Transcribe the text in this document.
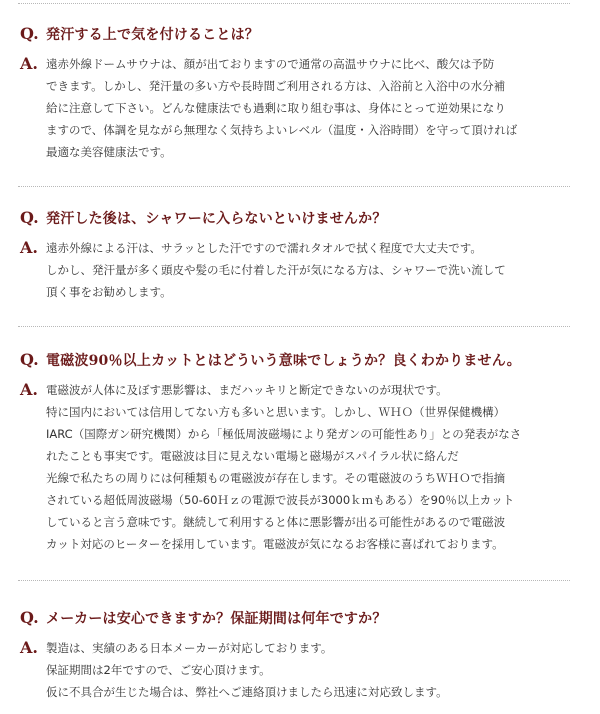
Q. 発汗する上で気を付けることは？
A. 遠赤外線ドームサウナは、顔が出ておりますので通常の高温サウナに比べ、酸欠は予防
できます。しかし、発汗量の多い方や長時間ご利用される方は、入浴前と入浴中の水分補
給に注意して下さい。どんな健康法でも過剰に取り組む事は、身体にとって逆効果になり
ますので、体調を見ながら無理なく気持ちよいレベル（温度・入浴時間）を守って頂ければ
最適な美容健康法です。
Q. 発汗した後は、シャワーに入らないといけませんか？
A. 遠赤外線による汗は、サラッとした汗ですので濡れタオルで拭く程度で大丈夫です。
しかし、発汗量が多く頭皮や髪の毛に付着した汗が気になる方は、シャワーで洗い流して
頂く事をお勧めします。
Q. 電磁波90％以上カットとはどういう意味でしょうか？良くわかりません。
A. 電磁波が人体に及ぼす悪影響は、まだハッキリと断定できないのが現状です。
特に国内においては信用してない方も多いと思います。しかし、ＷＨＯ（世界保健機構）
IARC（国際ガン研究機関）から「極低周波磁場により発ガンの可能性あり」との発表がなさ
れたことも事実です。電磁波は目に見えない電場と磁場がスパイラル状に絡んだ
光線で私たちの周りには何種類もの電磁波が存在します。その電磁波のうちＷＨＯで指摘
されている超低周波磁場（50-60Ｈｚの電源で波長が3000ｋｍもある）を90％以上カット
していると言う意味です。継続して利用すると体に悪影響が出る可能性があるので電磁波
カット対応のヒーターを採用しています。電磁波が気になるお客様に喜ばれております。
Q. メーカーは安心できますか？保証期間は何年ですか？
A. 製造は、実績のある日本メーカーが対応しております。
保証期間は2年ですので、ご安心頂けます。
仮に不具合が生じた場合は、弊社へご連絡頂けましたら迅速に対応致します。
